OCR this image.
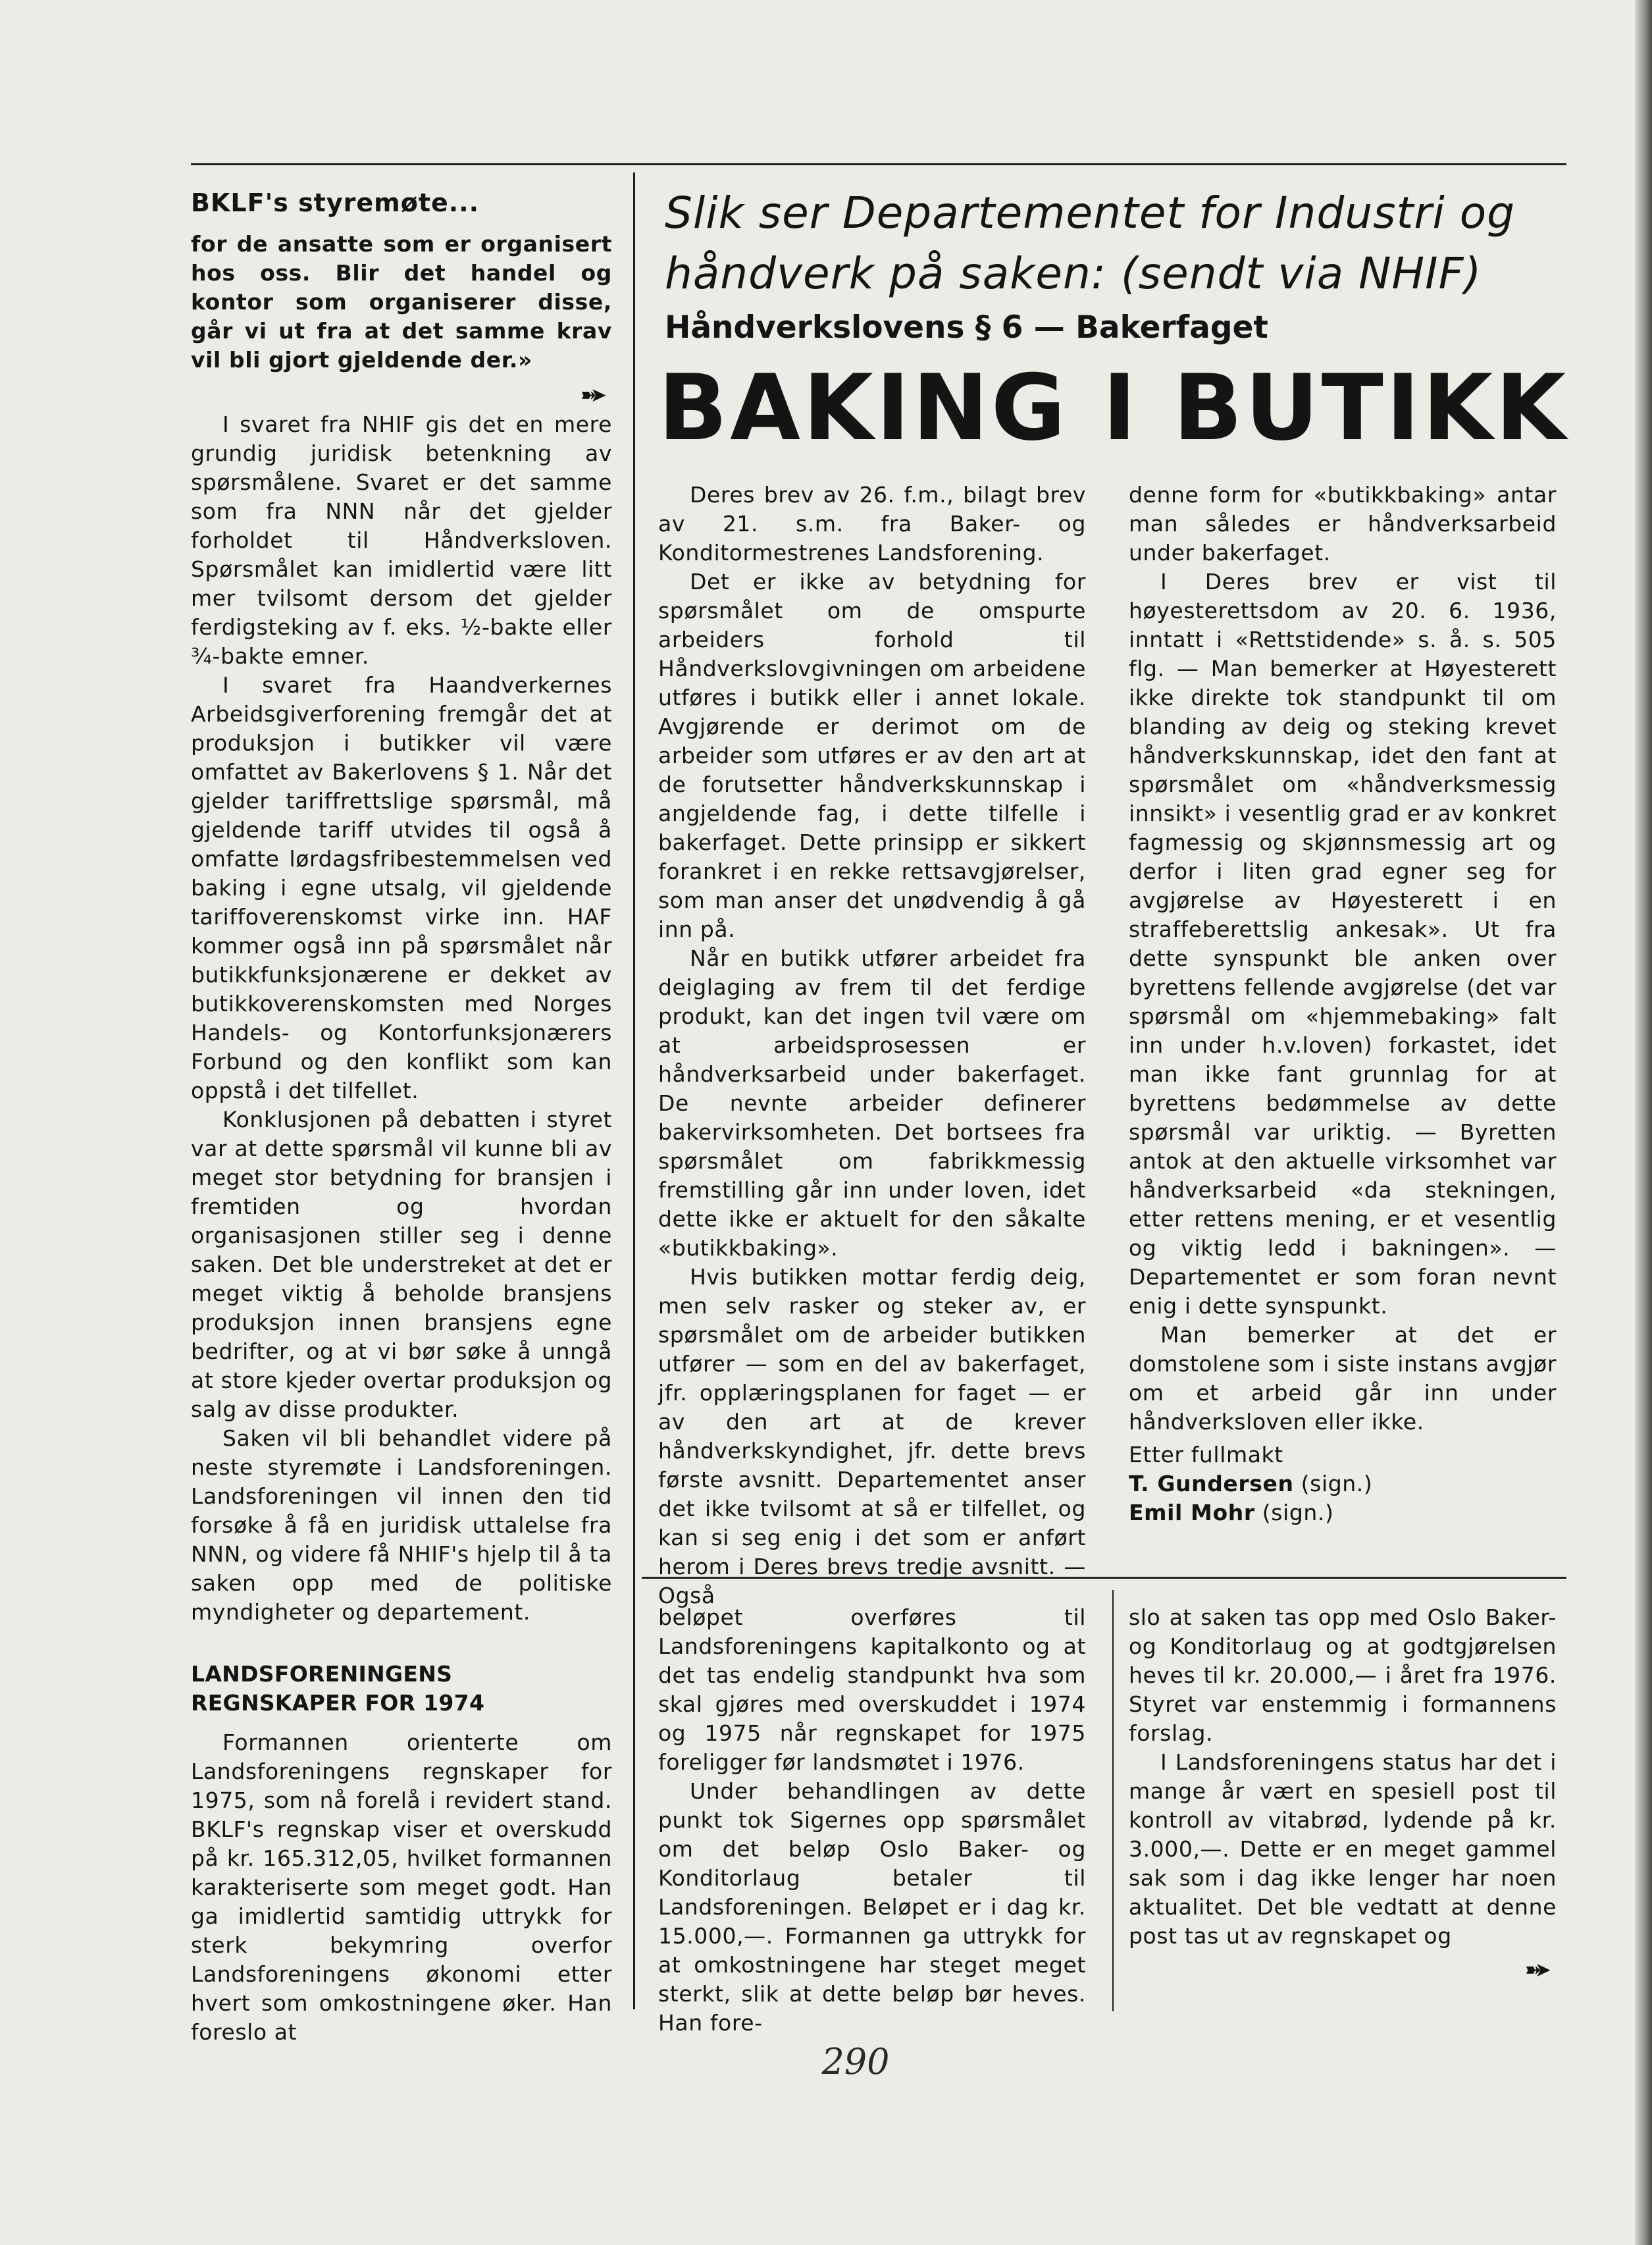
BKLF's styremøte...

for de ansatte som er organisert hos oss. Blir det handel og kontor som organiserer disse, går vi ut fra at det samme krav vil bli gjort gjeldende der.»

➽➤

I svaret fra NHIF gis det en mere grundig juridisk betenkning av spørsmålene. Svaret er det samme som fra NNN når det gjelder forholdet til Håndverksloven. Spørsmålet kan imidlertid være litt mer tvilsomt dersom det gjelder ferdigsteking av f. eks. ½-bakte eller ¾-bakte emner.

I svaret fra Haandverkernes Arbeidsgiverforening fremgår det at produksjon i butikker vil være omfattet av Bakerlovens § 1. Når det gjelder tariffrettslige spørsmål, må gjeldende tariff utvides til også å omfatte lørdagsfribestemmelsen ved baking i egne utsalg, vil gjeldende tariffoverenskomst virke inn. HAF kommer også inn på spørsmålet når butikkfunksjonærene er dekket av butikkoverenskomsten med Norges Handels- og Kontorfunksjonærers Forbund og den konflikt som kan oppstå i det tilfellet.

Konklusjonen på debatten i styret var at dette spørsmål vil kunne bli av meget stor betydning for bransjen i fremtiden og hvordan organisasjonen stiller seg i denne saken. Det ble understreket at det er meget viktig å beholde bransjens produksjon innen bransjens egne bedrifter, og at vi bør søke å unngå at store kjeder overtar produksjon og salg av disse produkter.

Saken vil bli behandlet videre på neste styremøte i Landsforeningen. Landsforeningen vil innen den tid forsøke å få en juridisk uttalelse fra NNN, og videre få NHIF's hjelp til å ta saken opp med de politiske myndigheter og departement.

LANDSFORENINGENS REGNSKAPER FOR 1974

Formannen orienterte om Landsforeningens regnskaper for 1975, som nå forelå i revidert stand. BKLF's regnskap viser et overskudd på kr. 165.312,05, hvilket formannen karakteriserte som meget godt. Han ga imidlertid samtidig uttrykk for sterk bekymring overfor Landsforeningens økonomi etter hvert som omkostningene øker. Han foreslo at

Slik ser Departementet for Industri og håndverk på saken: (sendt via NHIF)
Håndverkslovens § 6 — Bakerfaget
BAKING I BUTIKK

Deres brev av 26. f.m., bilagt brev av 21. s.m. fra Baker- og Konditormestrenes Landsforening.

Det er ikke av betydning for spørsmålet om de omspurte arbeiders forhold til Håndverkslovgivningen om arbeidene utføres i butikk eller i annet lokale. Avgjørende er derimot om de arbeider som utføres er av den art at de forutsetter håndverkskunnskap i angjeldende fag, i dette tilfelle i bakerfaget. Dette prinsipp er sikkert forankret i en rekke rettsavgjørelser, som man anser det unødvendig å gå inn på.

Når en butikk utfører arbeidet fra deiglaging av frem til det ferdige produkt, kan det ingen tvil være om at arbeidsprosessen er håndverksarbeid under bakerfaget. De nevnte arbeider definerer bakervirksomheten. Det bortsees fra spørsmålet om fabrikkmessig fremstilling går inn under loven, idet dette ikke er aktuelt for den såkalte «butikkbaking».

Hvis butikken mottar ferdig deig, men selv rasker og steker av, er spørsmålet om de arbeider butikken utfører — som en del av bakerfaget, jfr. opplæringsplanen for faget — er av den art at de krever håndverkskyndighet, jfr. dette brevs første avsnitt. Departementet anser det ikke tvilsomt at så er tilfellet, og kan si seg enig i det som er anført herom i Deres brevs tredje avsnitt. — Også

denne form for «butikkbaking» antar man således er håndverksarbeid under bakerfaget.

I Deres brev er vist til høyesterettsdom av 20. 6. 1936, inntatt i «Rettstidende» s. å. s. 505 flg. — Man bemerker at Høyesterett ikke direkte tok standpunkt til om blanding av deig og steking krevet håndverkskunnskap, idet den fant at spørsmålet om «håndverksmessig innsikt» i vesentlig grad er av konkret fagmessig og skjønnsmessig art og derfor i liten grad egner seg for avgjørelse av Høyesterett i en straffeberettslig ankesak». Ut fra dette synspunkt ble anken over byrettens fellende avgjørelse (det var spørsmål om «hjemmebaking» falt inn under h.v.loven) forkastet, idet man ikke fant grunnlag for at byrettens bedømmelse av dette spørsmål var uriktig. — Byretten antok at den aktuelle virksomhet var håndverksarbeid «da stekningen, etter rettens mening, er et vesentlig og viktig ledd i bakningen». — Departementet er som foran nevnt enig i dette synspunkt.

Man bemerker at det er domstolene som i siste instans avgjør om et arbeid går inn under håndverksloven eller ikke.

Etter fullmakt

T. Gundersen (sign.)

Emil Mohr (sign.)

beløpet overføres til Landsforeningens kapitalkonto og at det tas endelig standpunkt hva som skal gjøres med overskuddet i 1974 og 1975 når regnskapet for 1975 foreligger før landsmøtet i 1976.

Under behandlingen av dette punkt tok Sigernes opp spørsmålet om det beløp Oslo Baker- og Konditorlaug betaler til Landsforeningen. Beløpet er i dag kr. 15.000,—. Formannen ga uttrykk for at omkostningene har steget meget sterkt, slik at dette beløp bør heves. Han fore-

slo at saken tas opp med Oslo Baker- og Konditorlaug og at godtgjørelsen heves til kr. 20.000,— i året fra 1976. Styret var enstemmig i formannens forslag.

I Landsforeningens status har det i mange år vært en spesiell post til kontroll av vitabrød, lydende på kr. 3.000,—. Dette er en meget gammel sak som i dag ikke lenger har noen aktualitet. Det ble vedtatt at denne post tas ut av regnskapet og

➽➤
290
